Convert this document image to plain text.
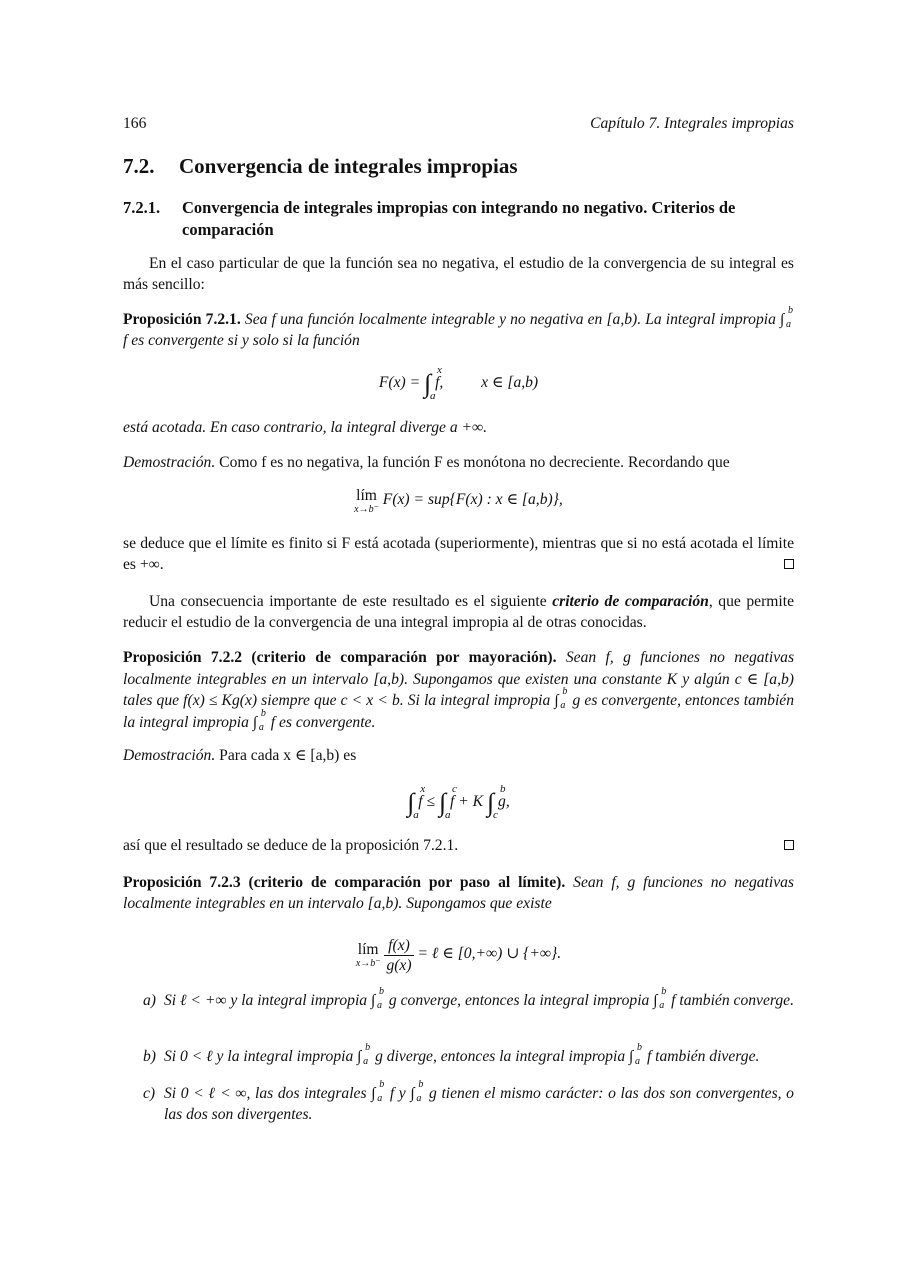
166	Capítulo 7. Integrales impropias
7.2. Convergencia de integrales impropias
7.2.1. Convergencia de integrales impropias con integrando no negativo. Criterios de comparación
En el caso particular de que la función sea no negativa, el estudio de la convergencia de su integral es más sencillo:
Proposición 7.2.1. Sea f una función localmente integrable y no negativa en [a,b). La integral impropia ∫
b
a
f es convergente si y solo si la función
F(x) = ∫ x
a
f, x ∈ [a,b)
está acotada. En caso contrario, la integral diverge a +∞.
Demostración. Como f es no negativa, la función F es monótona no decreciente. Recordando que
lím
x→b⁻
F(x) = sup{F(x) : x ∈ [a,b)},
se deduce que el límite es finito si F está acotada (superiormente), mientras que si no está acotada el límite es +∞.
Una consecuencia importante de este resultado es el siguiente criterio de comparación, que permite reducir el estudio de la convergencia de una integral impropia al de otras conocidas.
Proposición 7.2.2 (criterio de comparación por mayoración). Sean f, g funciones no negativas localmente integrables en un intervalo [a,b). Supongamos que existen una constante K y algún c ∈ [a,b) tales que f(x) ≤ Kg(x) siempre que c < x < b. Si la integral impropia ∫
b
a g es convergente, entonces también la integral impropia ∫
b
a f es convergente.
Demostración. Para cada x ∈ [a,b) es
∫ x
a
f ≤ ∫ c
a
f + K ∫ b
c
g,
así que el resultado se deduce de la proposición 7.2.1.
Proposición 7.2.3 (criterio de comparación por paso al límite). Sean f, g funciones no negativas localmente integrables en un intervalo [a,b). Supongamos que existe
lím
x→b⁻
$\frac{f(x)}{g(x)}$ = ℓ ∈ [0,+∞) ∪ {+∞}.
a) Si ℓ < +∞ y la integral impropia ∫
b
a g converge, entonces la integral impropia ∫
b
a f también converge.
b) Si 0 < ℓ y la integral impropia ∫
b
a g diverge, entonces la integral impropia ∫
b
a f también diverge.
c) Si 0 < ℓ < ∞, las dos integrales ∫
b
a f y ∫
b
a g tienen el mismo carácter: o las dos son convergentes, o las dos son divergentes.
